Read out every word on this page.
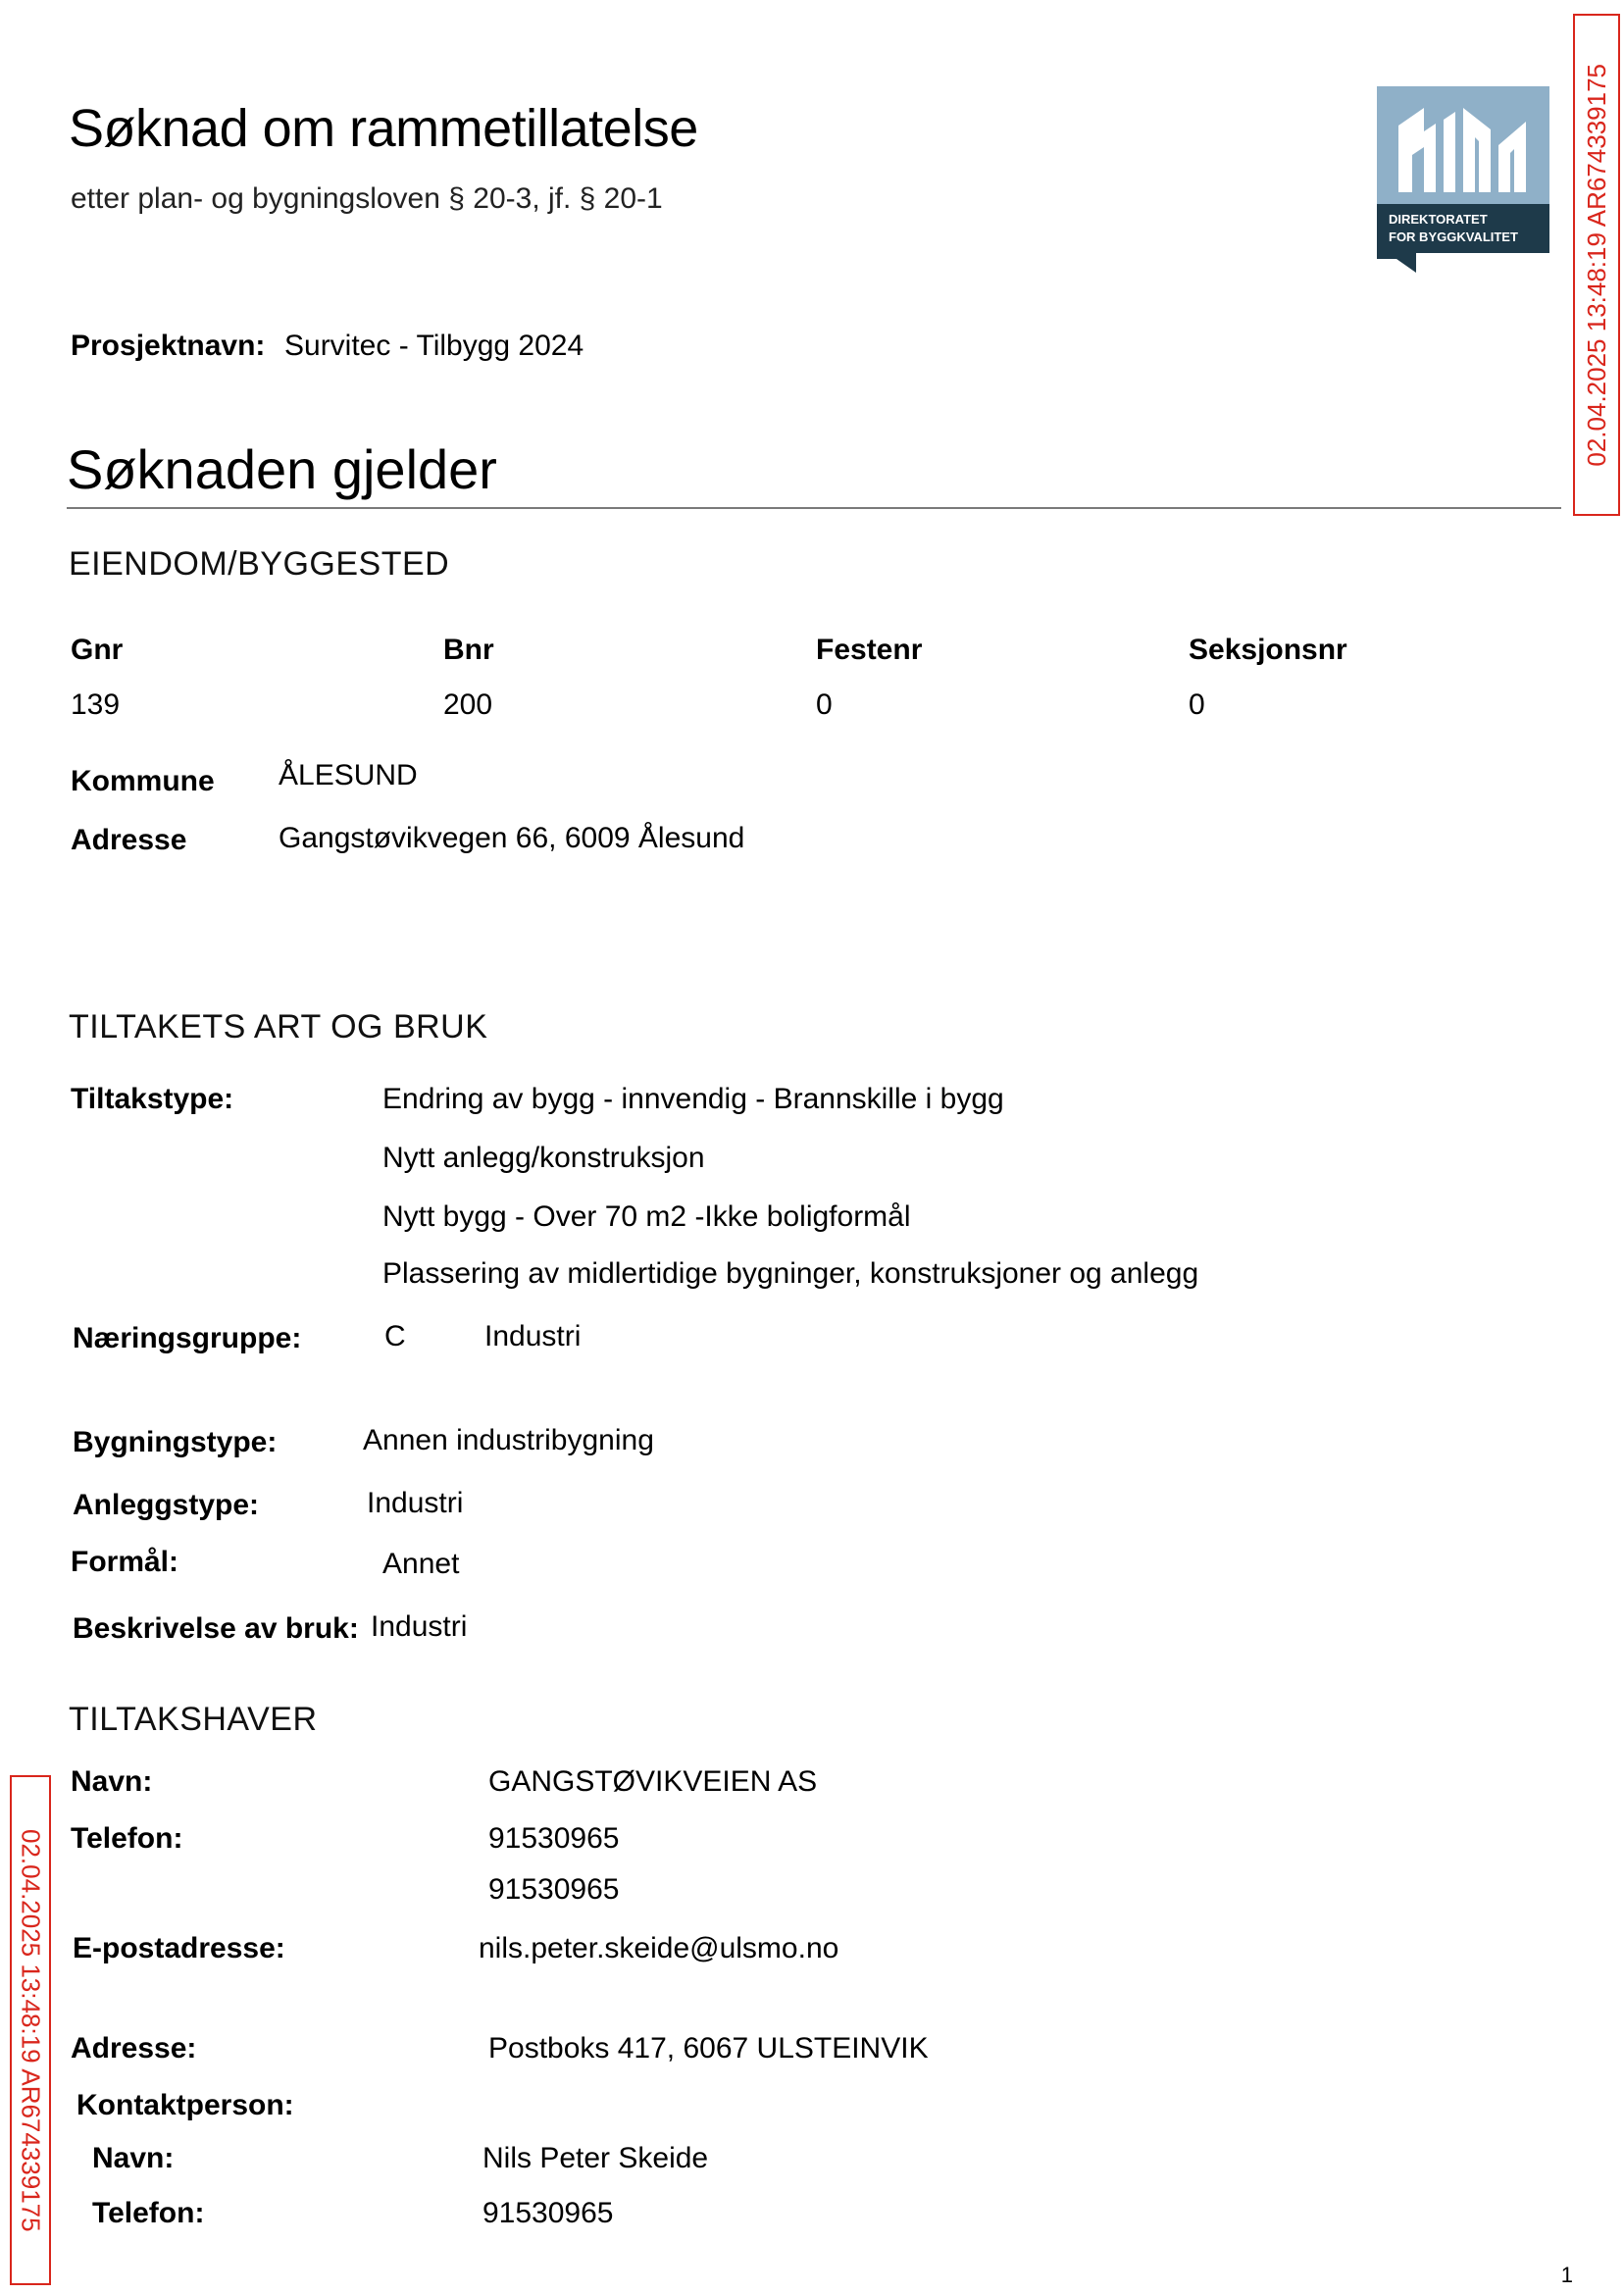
Søknad om rammetillatelse
etter plan- og bygningsloven § 20-3, jf. § 20-1
DIREKTORATET
FOR BYGGKVALITET 02.04.2025 13:48:19 AR674339175
02.04.2025 13:48:19 AR674339175
Prosjektnavn: Survitec - Tilbygg 2024
Søknaden gjelder
EIENDOM/BYGGESTED
Gnr	Bnr	Festenr	Seksjonsnr
139	200	0	0
Kommune ÅLESUND
Adresse	Gangstøvikvegen 66, 6009 Ålesund
TILTAKETS ART OG BRUK
Tiltakstype:	Endring av bygg - innvendig - Brannskille i bygg
Nytt anlegg/konstruksjon
Nytt bygg - Over 70 m2 -Ikke boligformål
Plassering av midlertidige bygninger, konstruksjoner og anlegg
Næringsgruppe:	C	Industri
Bygningstype:	Annen industribygning
Anleggstype:	Industri
Formål:	Annet
Beskrivelse av bruk: Industri
TILTAKSHAVER
Navn:	GANGSTØVIKVEIEN AS
Telefon:	91530965
91530965
E-postadresse:	nils.peter.skeide@ulsmo.no
Adresse:	Postboks 417, 6067 ULSTEINVIK
Kontaktperson:
Navn:	Nils Peter Skeide
Telefon:	91530965
1
